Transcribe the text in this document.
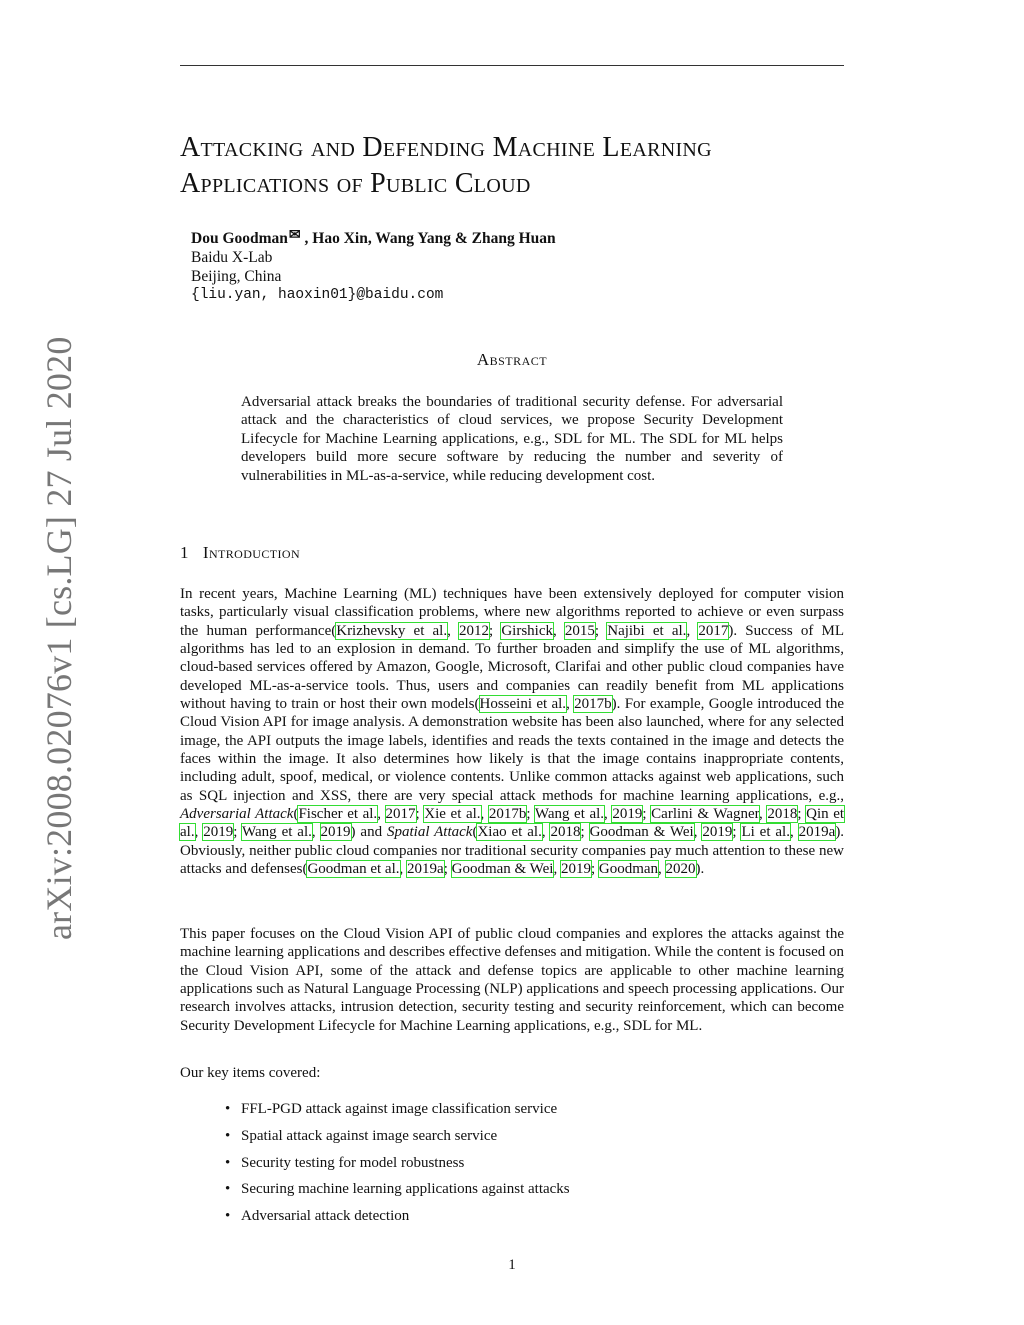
arXiv:2008.02076v1 [cs.LG] 27 Jul 2020
Attacking and Defending Machine Learning
Applications of Public Cloud
Dou Goodman✉ , Hao Xin, Wang Yang & Zhang Huan
Baidu X-Lab
Beijing, China
{liu.yan, haoxin01}@baidu.com
Abstract
Adversarial attack breaks the boundaries of traditional security defense. For adversarial attack and the characteristics of cloud services, we propose Security Development Lifecycle for Machine Learning applications, e.g., SDL for ML. The SDL for ML helps developers build more secure software by reducing the number and severity of vulnerabilities in ML-as-a-service, while reducing development cost.
1 Introduction
In recent years, Machine Learning (ML) techniques have been extensively deployed for computer vision tasks, particularly visual classification problems, where new algorithms reported to achieve or even surpass the human performance(Krizhevsky et al., 2012; Girshick, 2015; Najibi et al., 2017). Success of ML algorithms has led to an explosion in demand. To further broaden and simplify the use of ML algorithms, cloud-based services offered by Amazon, Google, Microsoft, Clarifai and other public cloud companies have developed ML-as-a-service tools. Thus, users and companies can readily benefit from ML applications without having to train or host their own models(Hosseini et al., 2017b). For example, Google introduced the Cloud Vision API for image analysis. A demonstration website has been also launched, where for any selected image, the API outputs the image labels, identifies and reads the texts contained in the image and detects the faces within the image. It also determines how likely is that the image contains inappropriate contents, including adult, spoof, medical, or violence contents. Unlike common attacks against web applications, such as SQL injection and XSS, there are very special attack methods for machine learning applications, e.g., Adversarial Attack(Fischer et al., 2017; Xie et al., 2017b; Wang et al., 2019; Carlini & Wagner, 2018; Qin et al., 2019; Wang et al., 2019) and Spatial Attack(Xiao et al., 2018; Goodman & Wei, 2019; Li et al., 2019a). Obviously, neither public cloud companies nor traditional security companies pay much attention to these new attacks and defenses(Goodman et al., 2019a; Goodman & Wei, 2019; Goodman, 2020).
This paper focuses on the Cloud Vision API of public cloud companies and explores the attacks against the machine learning applications and describes effective defenses and mitigation. While the content is focused on the Cloud Vision API, some of the attack and defense topics are applicable to other machine learning applications such as Natural Language Processing (NLP) applications and speech processing applications. Our research involves attacks, intrusion detection, security testing and security reinforcement, which can become Security Development Lifecycle for Machine Learning applications, e.g., SDL for ML.
Our key items covered:
• FFL-PGD attack against image classification service
• Spatial attack against image search service
• Security testing for model robustness
• Securing machine learning applications against attacks
• Adversarial attack detection
1
